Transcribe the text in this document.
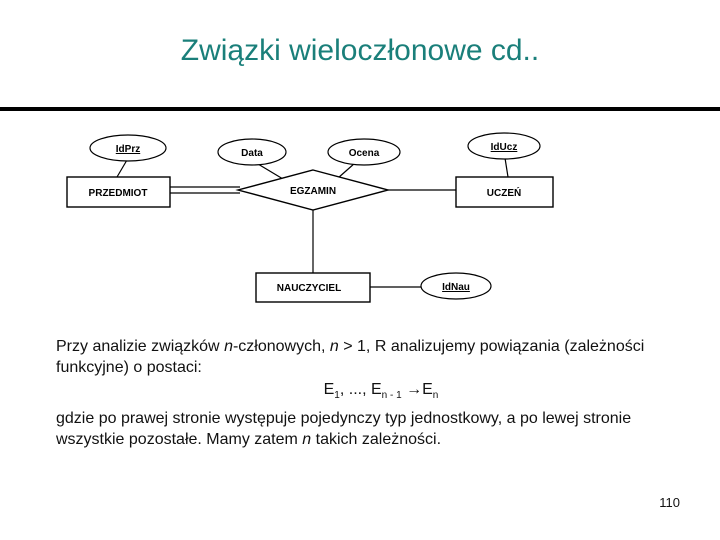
Związki wieloczłonowe cd..
IdPrz	Data	Ocena
IdUcz
IdNau
PRZEDMIOT	UCZEŃ
NAUCZYCIEL
EGZAMIN

Przy analizie związków n-członowych, n > 1, R analizujemy powiązania (zależności funkcyjne) o postaci:

$E_1$, ..., $E_{n - 1} \to E_n$

gdzie po prawej stronie występuje pojedynczy typ jednostkowy, a po lewej stronie wszystkie pozostałe. Mamy zatem n takich zależności.

110
